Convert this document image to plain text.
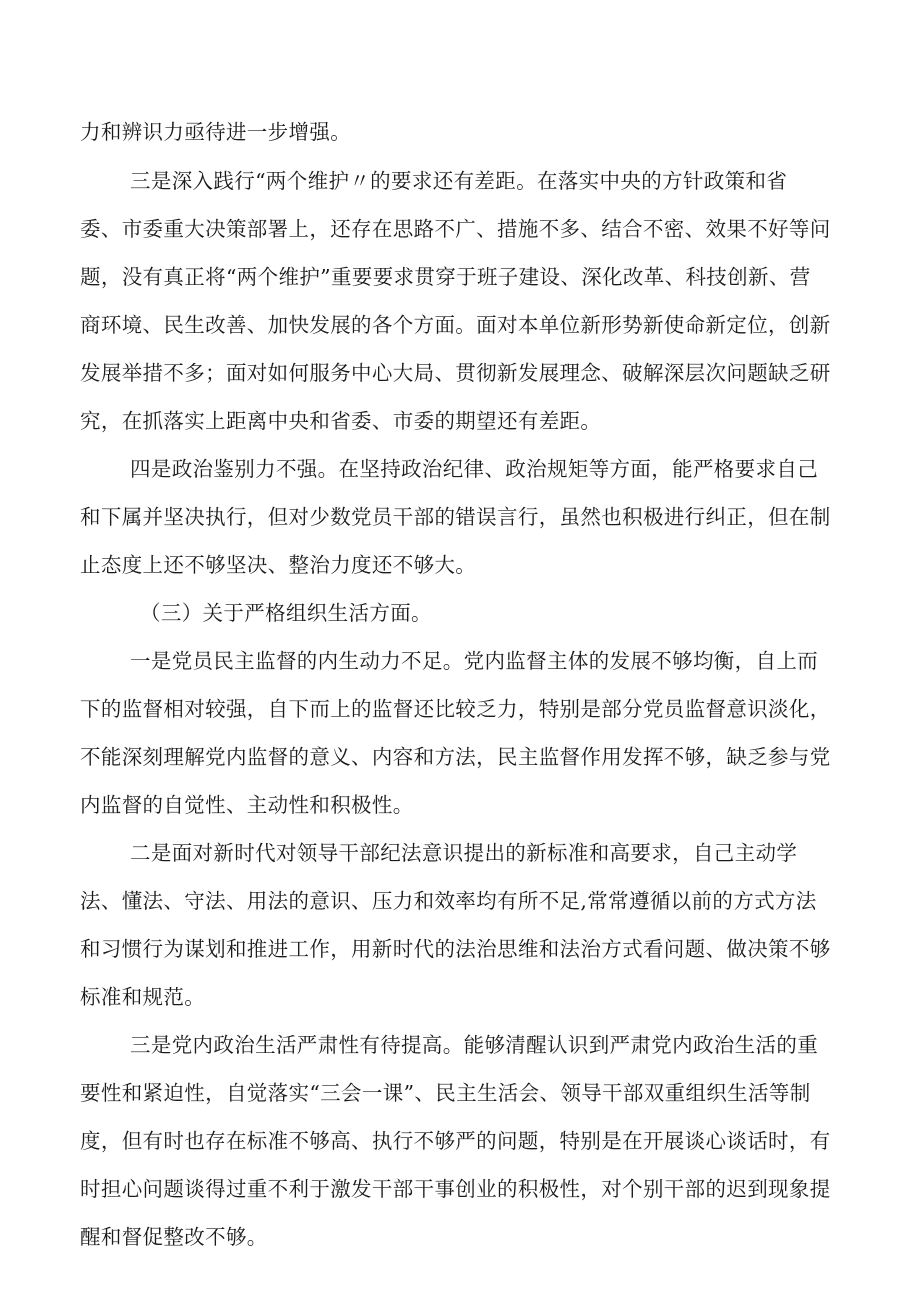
力和辨识力亟待进一步增强。
三是深入践行“两个维护〃的要求还有差距。在落实中央的方针政策和省
委、市委重大决策部署上，还存在思路不广、措施不多、结合不密、效果不好等问
题，没有真正将“两个维护”重要要求贯穿于班子建设、深化改革、科技创新、营
商环境、民生改善、加快发展的各个方面。面对本单位新形势新使命新定位，创新
发展举措不多；面对如何服务中心大局、贯彻新发展理念、破解深层次问题缺乏研
究，在抓落实上距离中央和省委、市委的期望还有差距。
四是政治鉴别力不强。在坚持政治纪律、政治规矩等方面，能严格要求自己
和下属并坚决执行，但对少数党员干部的错误言行，虽然也积极进行纠正，但在制
止态度上还不够坚决、整治力度还不够大。
（三）关于严格组织生活方面。
一是党员民主监督的内生动力不足。党内监督主体的发展不够均衡，自上而
下的监督相对较强，自下而上的监督还比较乏力，特别是部分党员监督意识淡化，
不能深刻理解党内监督的意义、内容和方法，民主监督作用发挥不够，缺乏参与党
内监督的自觉性、主动性和积极性。
二是面对新时代对领导干部纪法意识提出的新标准和高要求，自己主动学
法、懂法、守法、用法的意识、压力和效率均有所不足,常常遵循以前的方式方法
和习惯行为谋划和推进工作，用新时代的法治思维和法治方式看问题、做决策不够
标准和规范。
三是党内政治生活严肃性有待提高。能够清醒认识到严肃党内政治生活的重
要性和紧迫性，自觉落实“三会一课”、民主生活会、领导干部双重组织生活等制
度，但有时也存在标准不够高、执行不够严的问题，特别是在开展谈心谈话时，有
时担心问题谈得过重不利于激发干部干事创业的积极性，对个别干部的迟到现象提
醒和督促整改不够。
